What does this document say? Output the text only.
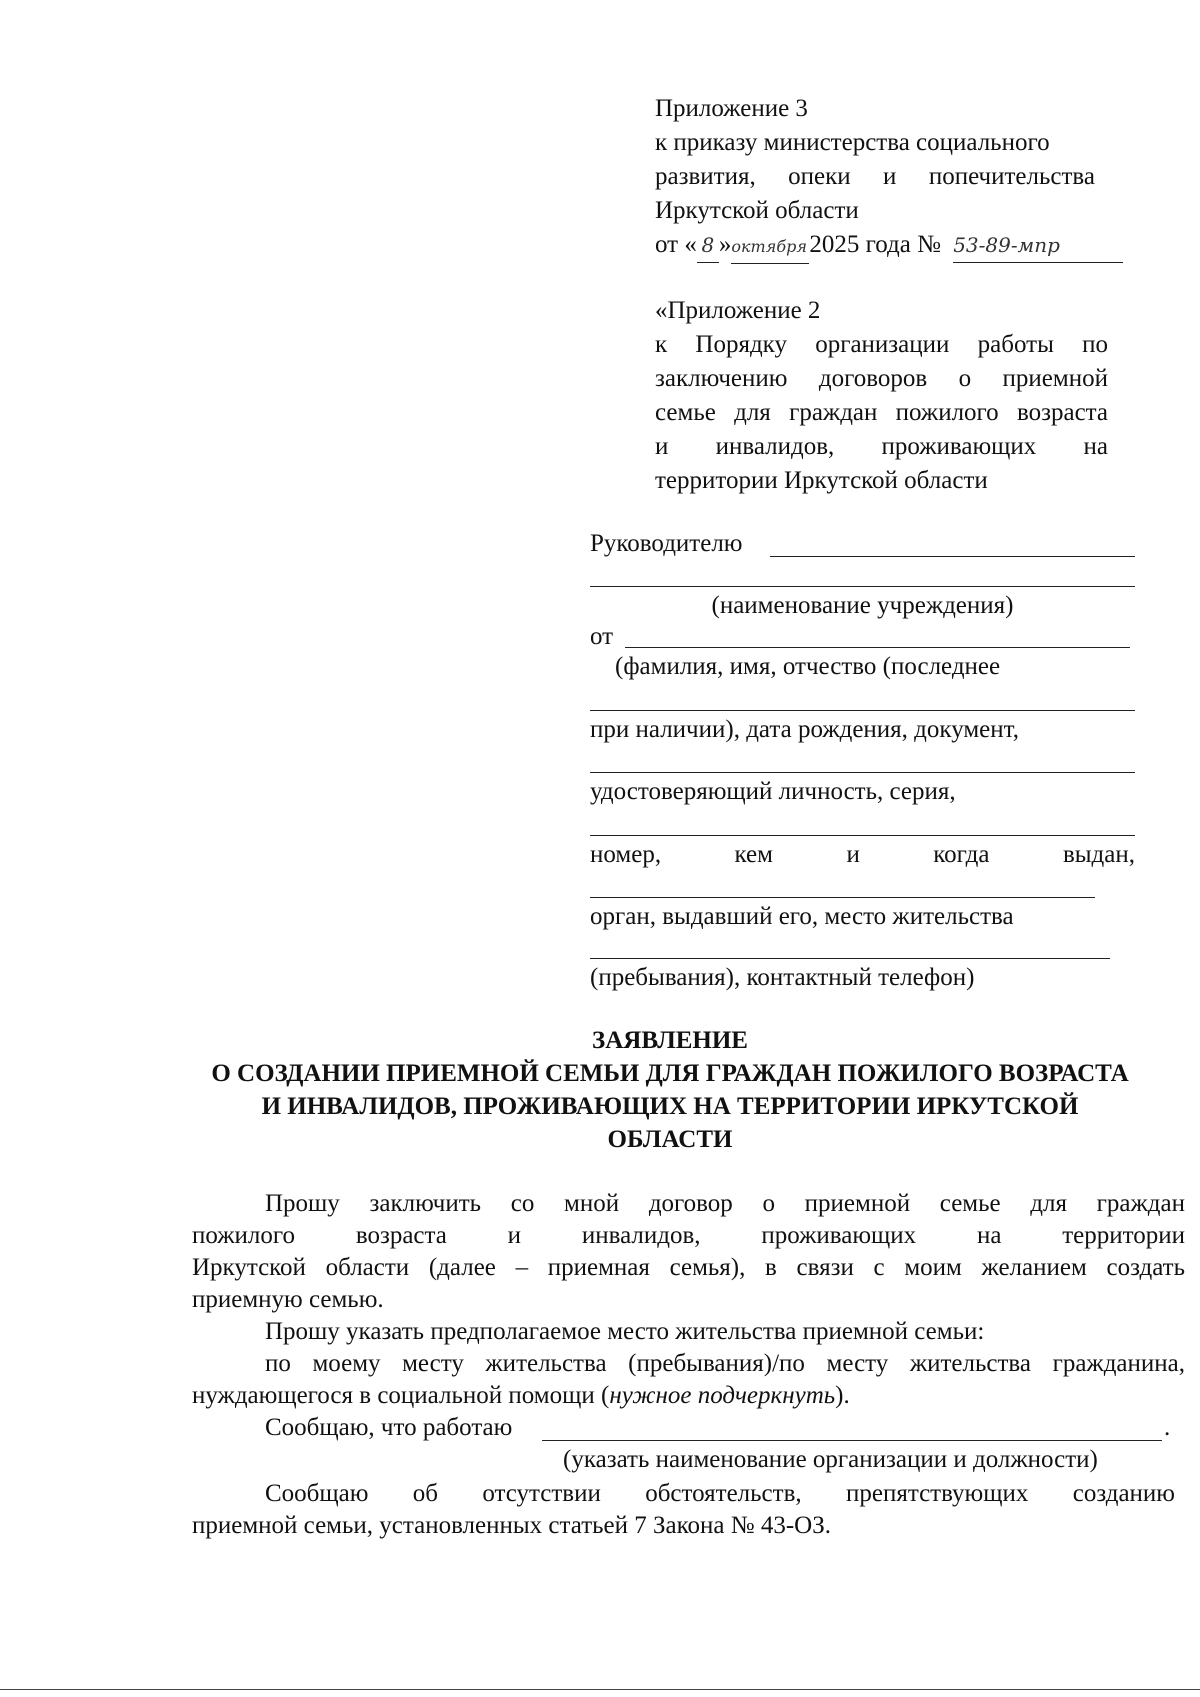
Приложение 3
к приказу министерства социального
развития, опеки и попечительства
Иркутской области
от « 8 »октября2025 года № 53-89-мпр
«Приложение 2
к Порядку организации работы по
заключению договоров о приемной
семье для граждан пожилого возраста
и инвалидов, проживающих на
территории Иркутской области
Руководителю
(наименование учреждения)
от
(фамилия, имя, отчество (последнее
при наличии), дата рождения, документ,
удостоверяющий личность, серия,
номер, кем и когда выдан,
орган, выдавший его, место жительства
(пребывания), контактный телефон)
ЗАЯВЛЕНИЕ
О СОЗДАНИИ ПРИЕМНОЙ СЕМЬИ ДЛЯ ГРАЖДАН ПОЖИЛОГО ВОЗРАСТА
И ИНВАЛИДОВ, ПРОЖИВАЮЩИХ НА ТЕРРИТОРИИ ИРКУТСКОЙ
ОБЛАСТИ
Прошу заключить со мной договор о приемной семье для граждан
пожилого возраста и инвалидов, проживающих на территории
Иркутской области (далее – приемная семья), в связи с моим желанием создать
приемную семью.
Прошу указать предполагаемое место жительства приемной семьи:
по моему месту жительства (пребывания)/по месту жительства гражданина,
нуждающегося в социальной помощи (нужное подчеркнуть).
Сообщаю, что работаю	.
(указать наименование организации и должности)
Сообщаю об отсутствии обстоятельств, препятствующих созданию
приемной семьи, установленных статьей 7 Закона № 43-ОЗ.
